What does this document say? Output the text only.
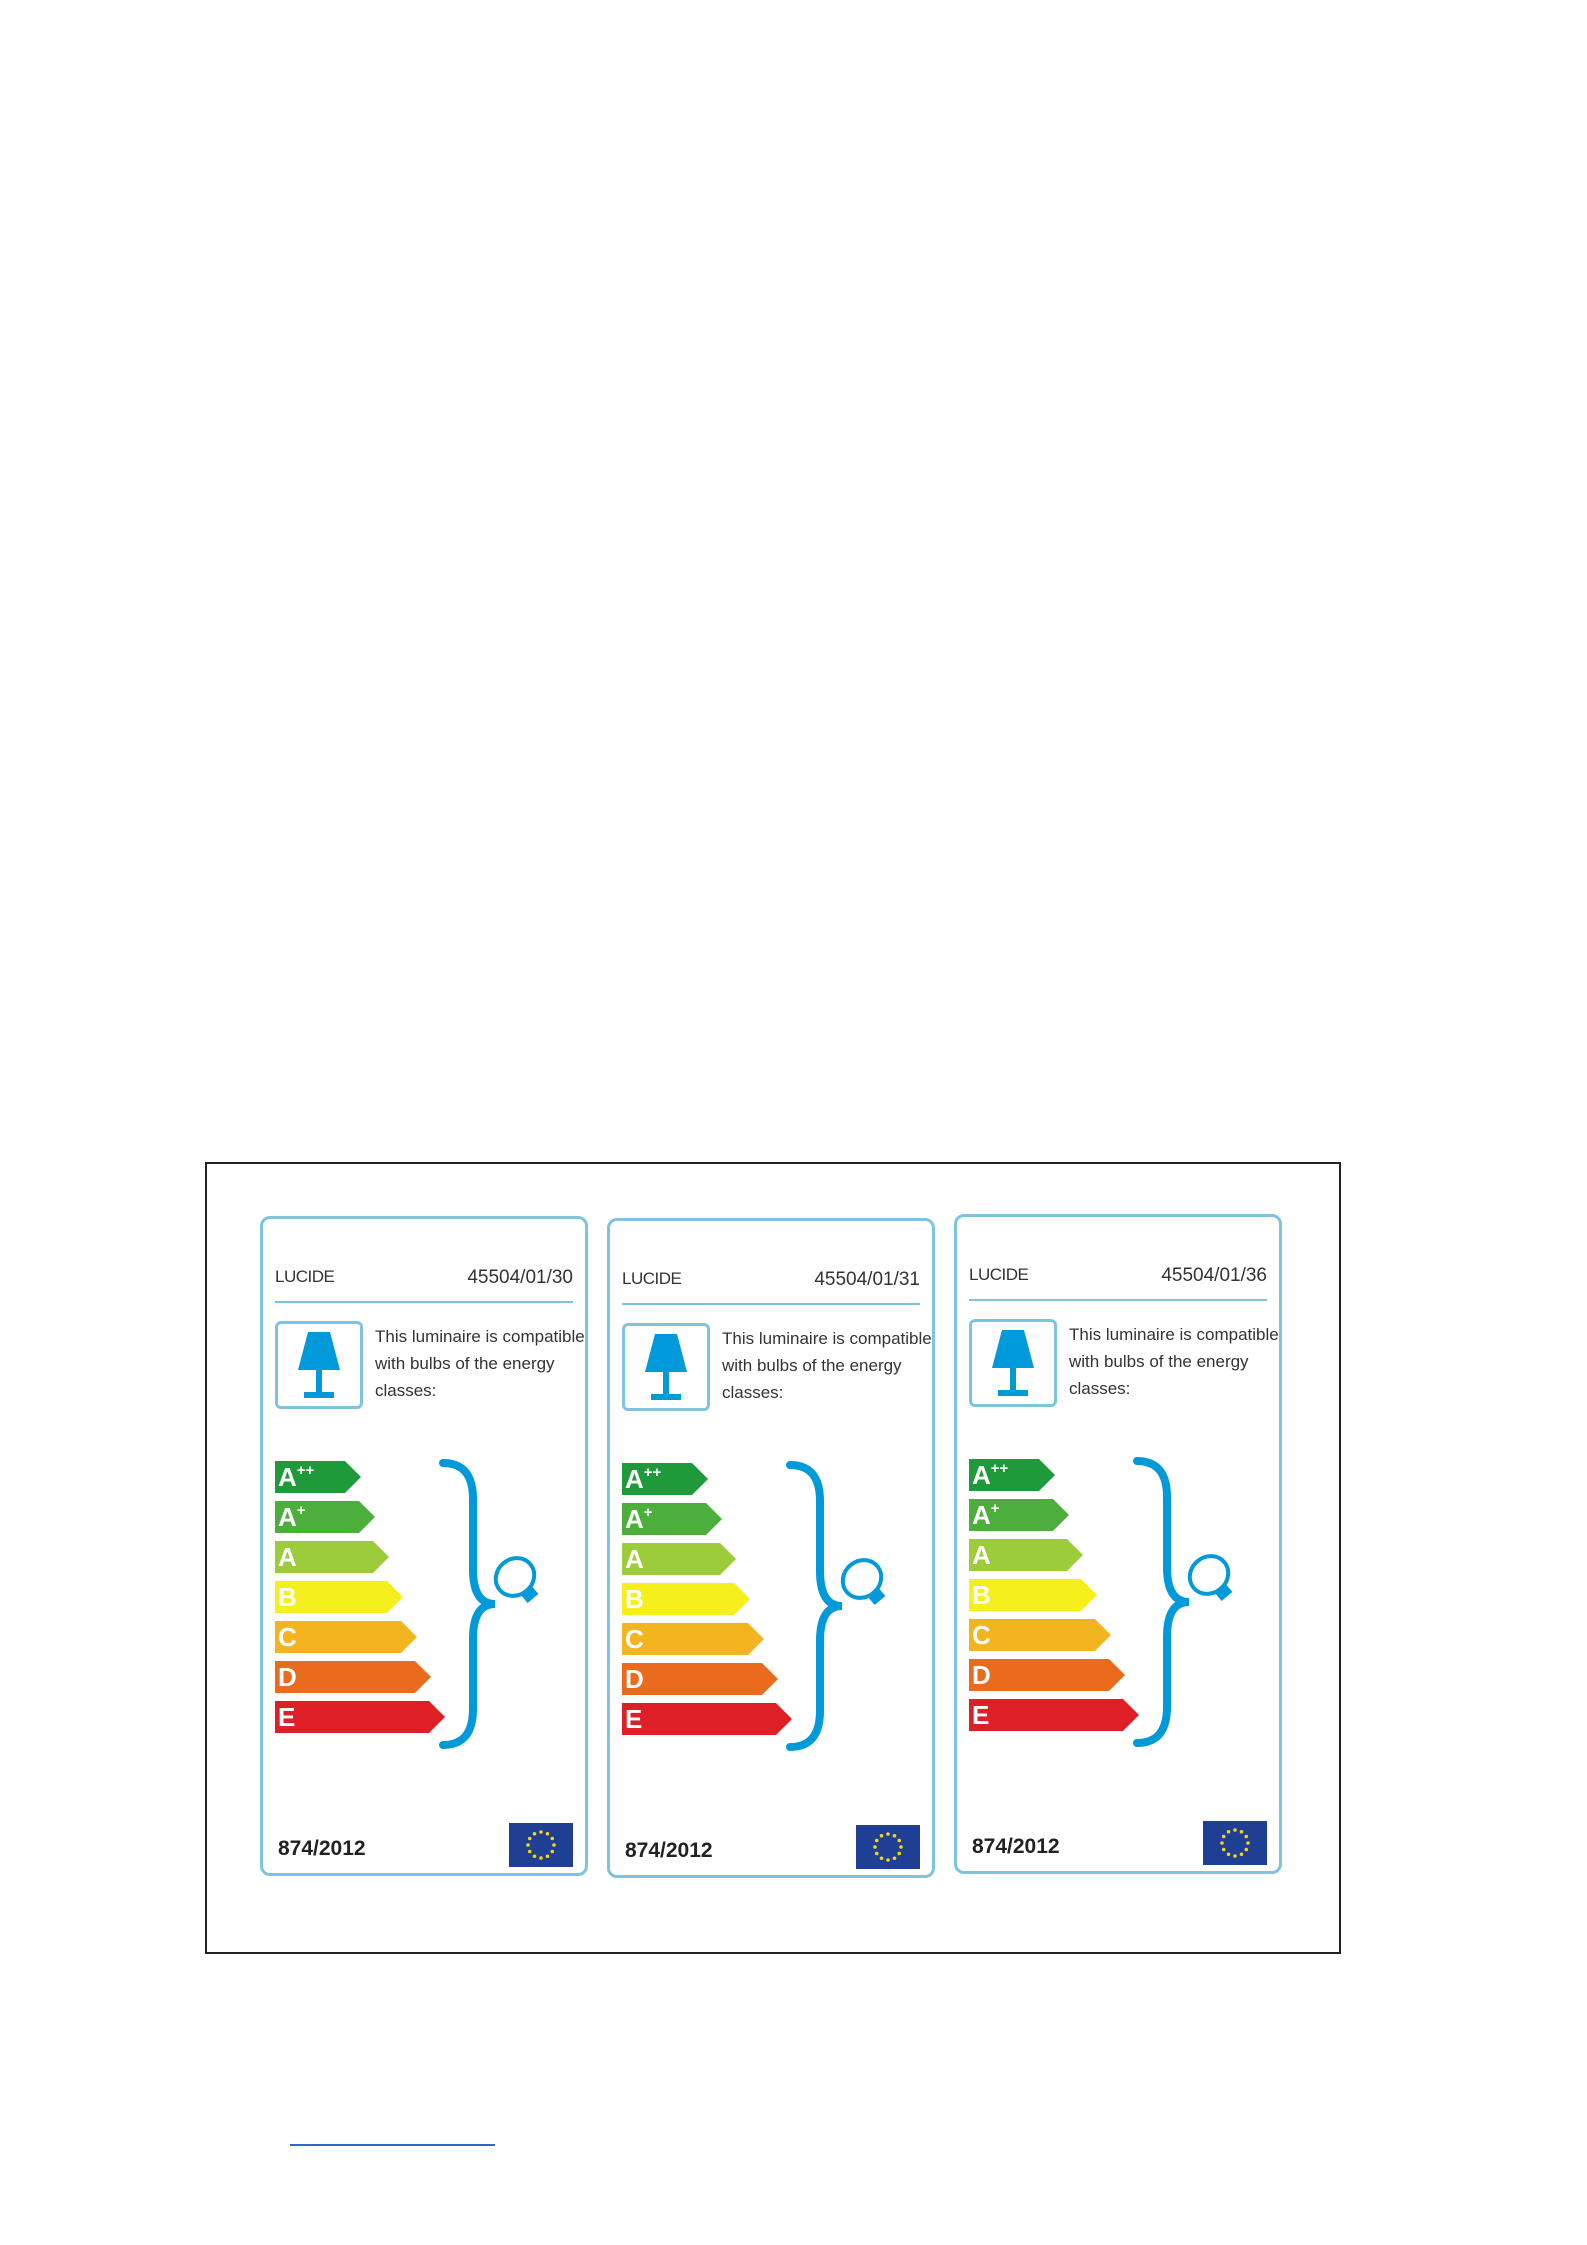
LUCIDE	45504/01/30
This luminaire is compatible with bulbs of the energy classes:
A++
A+
A
B
C
D
E
874/2012
LUCIDE	45504/01/31
This luminaire is compatible with bulbs of the energy classes:
A++
A+
A
B
C
D
E
874/2012
LUCIDE	45504/01/36
This luminaire is compatible with bulbs of the energy classes:
A++
A+
A
B
C
D
E
874/2012
